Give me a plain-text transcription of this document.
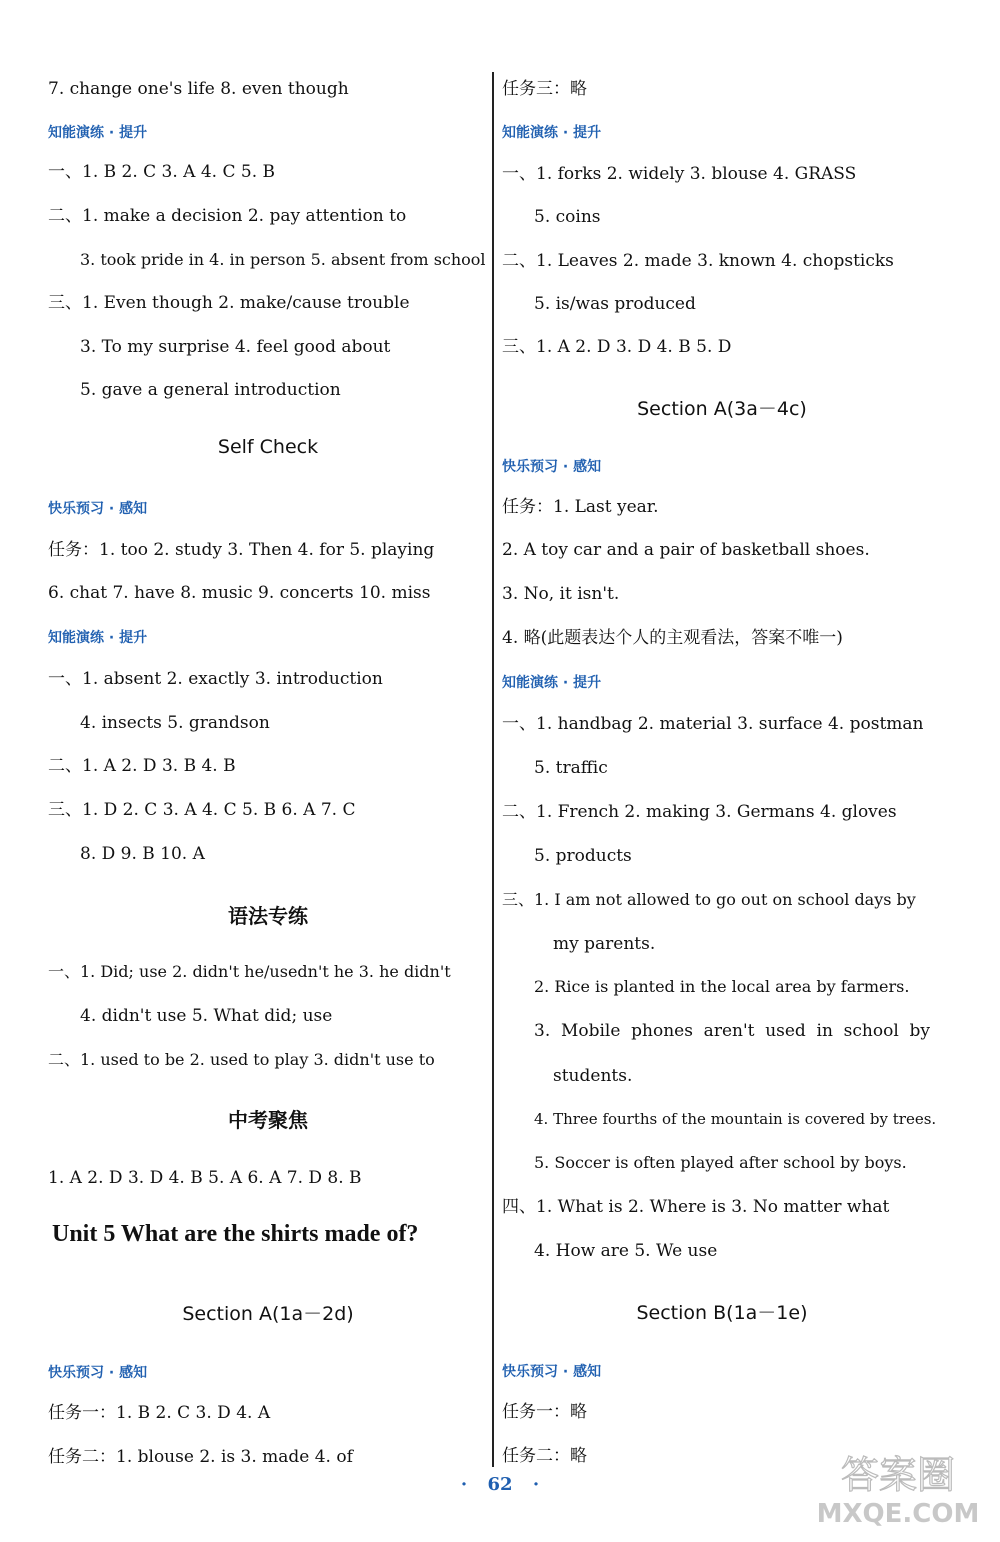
7. change one's life 8. even though
知能演练 · 提升
一、1. B 2. C 3. A 4. C 5. B
二、1. make a decision 2. pay attention to
3. took pride in 4. in person 5. absent from school
三、1. Even though 2. make/cause trouble
3. To my surprise 4. feel good about
5. gave a general introduction
Self Check
快乐预习 · 感知
任务：1. too 2. study 3. Then 4. for 5. playing
6. chat 7. have 8. music 9. concerts 10. miss
知能演练 · 提升
一、1. absent 2. exactly 3. introduction
4. insects 5. grandson
二、1. A 2. D 3. B 4. B
三、1. D 2. C 3. A 4. C 5. B 6. A 7. C
8. D 9. B 10. A
语法专练
一、1. Did; use 2. didn't he/usedn't he 3. he didn't
4. didn't use 5. What did; use
二、1. used to be 2. used to play 3. didn't use to
中考聚焦
1. A 2. D 3. D 4. B 5. A 6. A 7. D 8. B
Unit 5 What are the shirts made of?
Section A(1a－2d)
快乐预习 · 感知
任务一：1. B 2. C 3. D 4. A
任务二：1. blouse 2. is 3. made 4. of
任务三：略
知能演练 · 提升
一、1. forks 2. widely 3. blouse 4. GRASS
5. coins
二、1. Leaves 2. made 3. known 4. chopsticks
5. is/was produced
三、1. A 2. D 3. D 4. B 5. D
Section A(3a－4c)
快乐预习 · 感知
任务：1. Last year.
2. A toy car and a pair of basketball shoes.
3. No, it isn't.
4. 略(此题表达个人的主观看法，答案不唯一)
知能演练 · 提升
一、1. handbag 2. material 3. surface 4. postman
5. traffic
二、1. French 2. making 3. Germans 4. gloves
5. products
三、1. I am not allowed to go out on school days by
my parents.
2. Rice is planted in the local area by farmers.
3. Mobile phones aren't used in school by
students.
4. Three fourths of the mountain is covered by trees.
5. Soccer is often played after school by boys.
四、1. What is 2. Where is 3. No matter what
4. How are 5. We use
Section B(1a－1e)
快乐预习 · 感知
任务一：略
任务二：略
· 62 ·	答案圈
MXQE.COM
